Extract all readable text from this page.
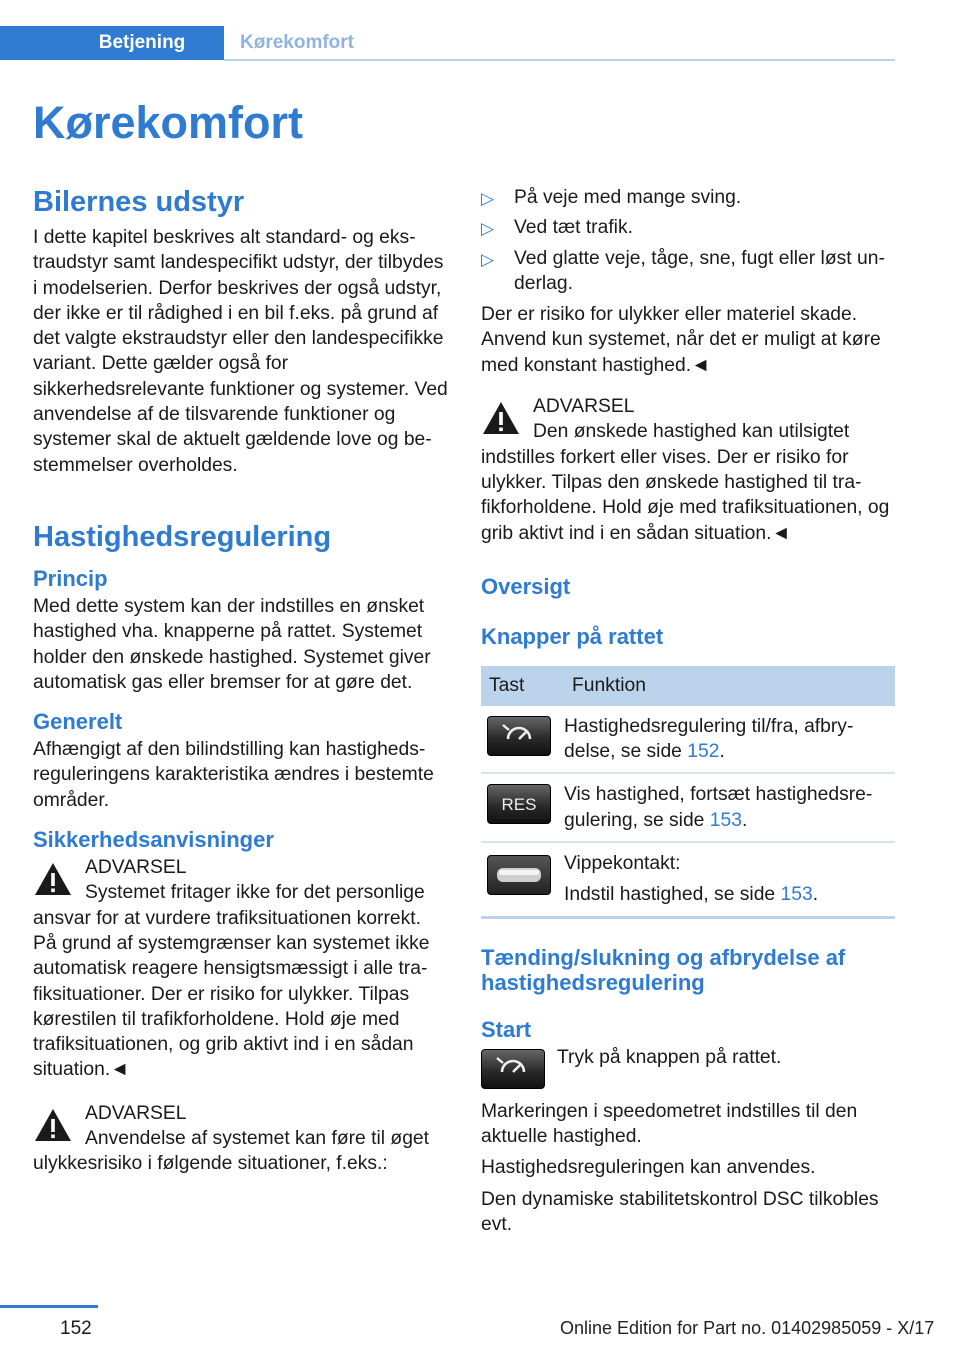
Betjening	Kørekomfort
Kørekomfort
Bilernes udstyr

I dette kapitel beskrives alt standard- og ekstraudstyr samt landespecifikt udstyr, der tilbydes i modelserien. Derfor beskrives der også udstyr, der ikke er til rådighed i en bil f.eks. på grund af det valgte ekstraudstyr eller den landespecifikke variant. Dette gælder også for sikkerhedsrelevante funktioner og systemer. Ved anvendelse af de tilsvarende funktioner og systemer skal de aktuelt gældende love og bestemmelser overholdes.

Hastighedsregulering
Princip

Med dette system kan der indstilles en ønsket hastighed vha. knapperne på rattet. Systemet holder den ønskede hastighed. Systemet giver automatisk gas eller bremser for at gøre det.

Generelt

Afhængigt af den bilindstilling kan hastighedsreguleringens karakteristika ændres i bestemte områder.

Sikkerhedsanvisninger
ADVARSEL

Systemet fritager ikke for det personlige ansvar for at vurdere trafiksituationen korrekt. På grund af systemgrænser kan systemet ikke automatisk reagere hensigtsmæssigt i alle trafiksituationer. Der er risiko for ulykker. Tilpas kørestilen til trafikforholdene. Hold øje med trafiksituationen, og grib aktivt ind i en sådan situation.◄

ADVARSEL

Anvendelse af systemet kan føre til øget ulykkesrisiko i følgende situationer, f.eks.:

▷ På veje med mange sving.
▷ Ved tæt trafik.
▷ Ved glatte veje, tåge, sne, fugt eller løst underlag.

Der er risiko for ulykker eller materiel skade. Anvend kun systemet, når det er muligt at køre med konstant hastighed.◄

ADVARSEL

Den ønskede hastighed kan utilsigtet indstilles forkert eller vises. Der er risiko for ulykker. Tilpas den ønskede hastighed til trafikforholdene. Hold øje med trafiksituationen, og grib aktivt ind i en sådan situation.◄

Oversigt
Knapper på rattet
Tast	Funktion

	Hastighedsregulering til/fra, afbrydelse, se side 152.

RES	Vis hastighed, fortsæt hastighedsregulering, se side 153.

Vippekontakt:
Indstil hastighed, se side 153.
Tænding/slukning og afbrydelse af hastighedsregulering
Start
Tryk på knappen på rattet.

Markeringen i speedometret indstilles til den aktuelle hastighed.

Hastighedsreguleringen kan anvendes.

Den dynamiske stabilitetskontrol DSC tilkobles evt.

152	Online Edition for Part no. 01402985059 - X/17
